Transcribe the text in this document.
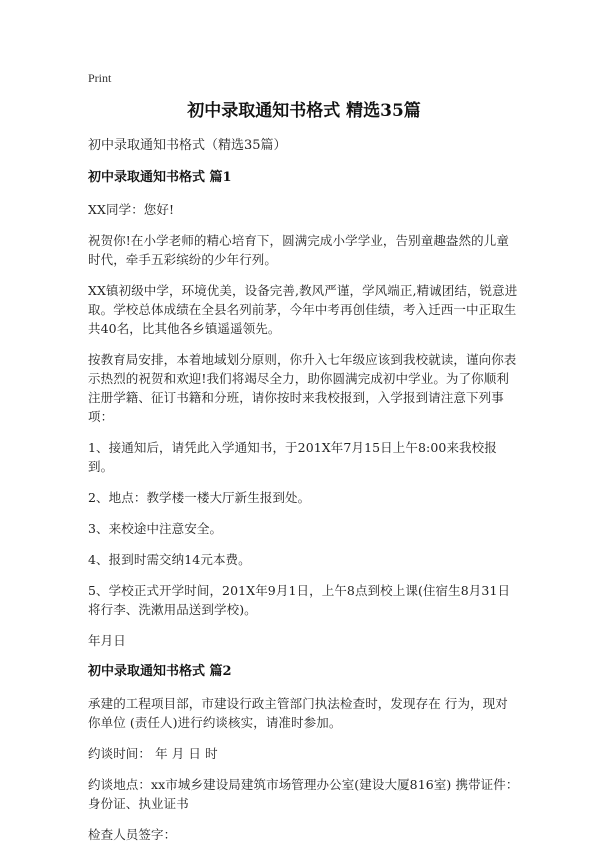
Print
初中录取通知书格式 精选35篇
初中录取通知书格式（精选35篇）
初中录取通知书格式 篇1

XX同学：您好!

祝贺你!在小学老师的精心培育下，圆满完成小学学业，告别童趣盎然的儿童时代，牵手五彩缤纷的少年行列。

XX镇初级中学，环境优美，设备完善,教风严谨，学风端正,精诚团结，锐意进取。学校总体成绩在全县名列前茅，今年中考再创佳绩，考入迁西一中正取生共40名，比其他各乡镇遥遥领先。

按教育局安排，本着地域划分原则，你升入七年级应该到我校就读，谨向你表示热烈的祝贺和欢迎!我们将竭尽全力，助你圆满完成初中学业。为了你顺利注册学籍、征订书籍和分班，请你按时来我校报到，入学报到请注意下列事项：

1、接通知后，请凭此入学通知书，于201X年7月15日上午8:00来我校报到。

2、地点：教学楼一楼大厅新生报到处。

3、来校途中注意安全。

4、报到时需交纳14元本费。

5、学校正式开学时间，201X年9月1日，上午8点到校上课(住宿生8月31日将行李、洗漱用品送到学校)。

年月日

初中录取通知书格式 篇2

承建的工程项目部，市建设行政主管部门执法检查时，发现存在 行为，现对你单位 (责任人)进行约谈核实，请准时参加。

约谈时间： 年 月 日 时

约谈地点：xx市城乡建设局建筑市场管理办公室(建设大厦816室) 携带证件：身份证、执业证书

检查人员签字：
